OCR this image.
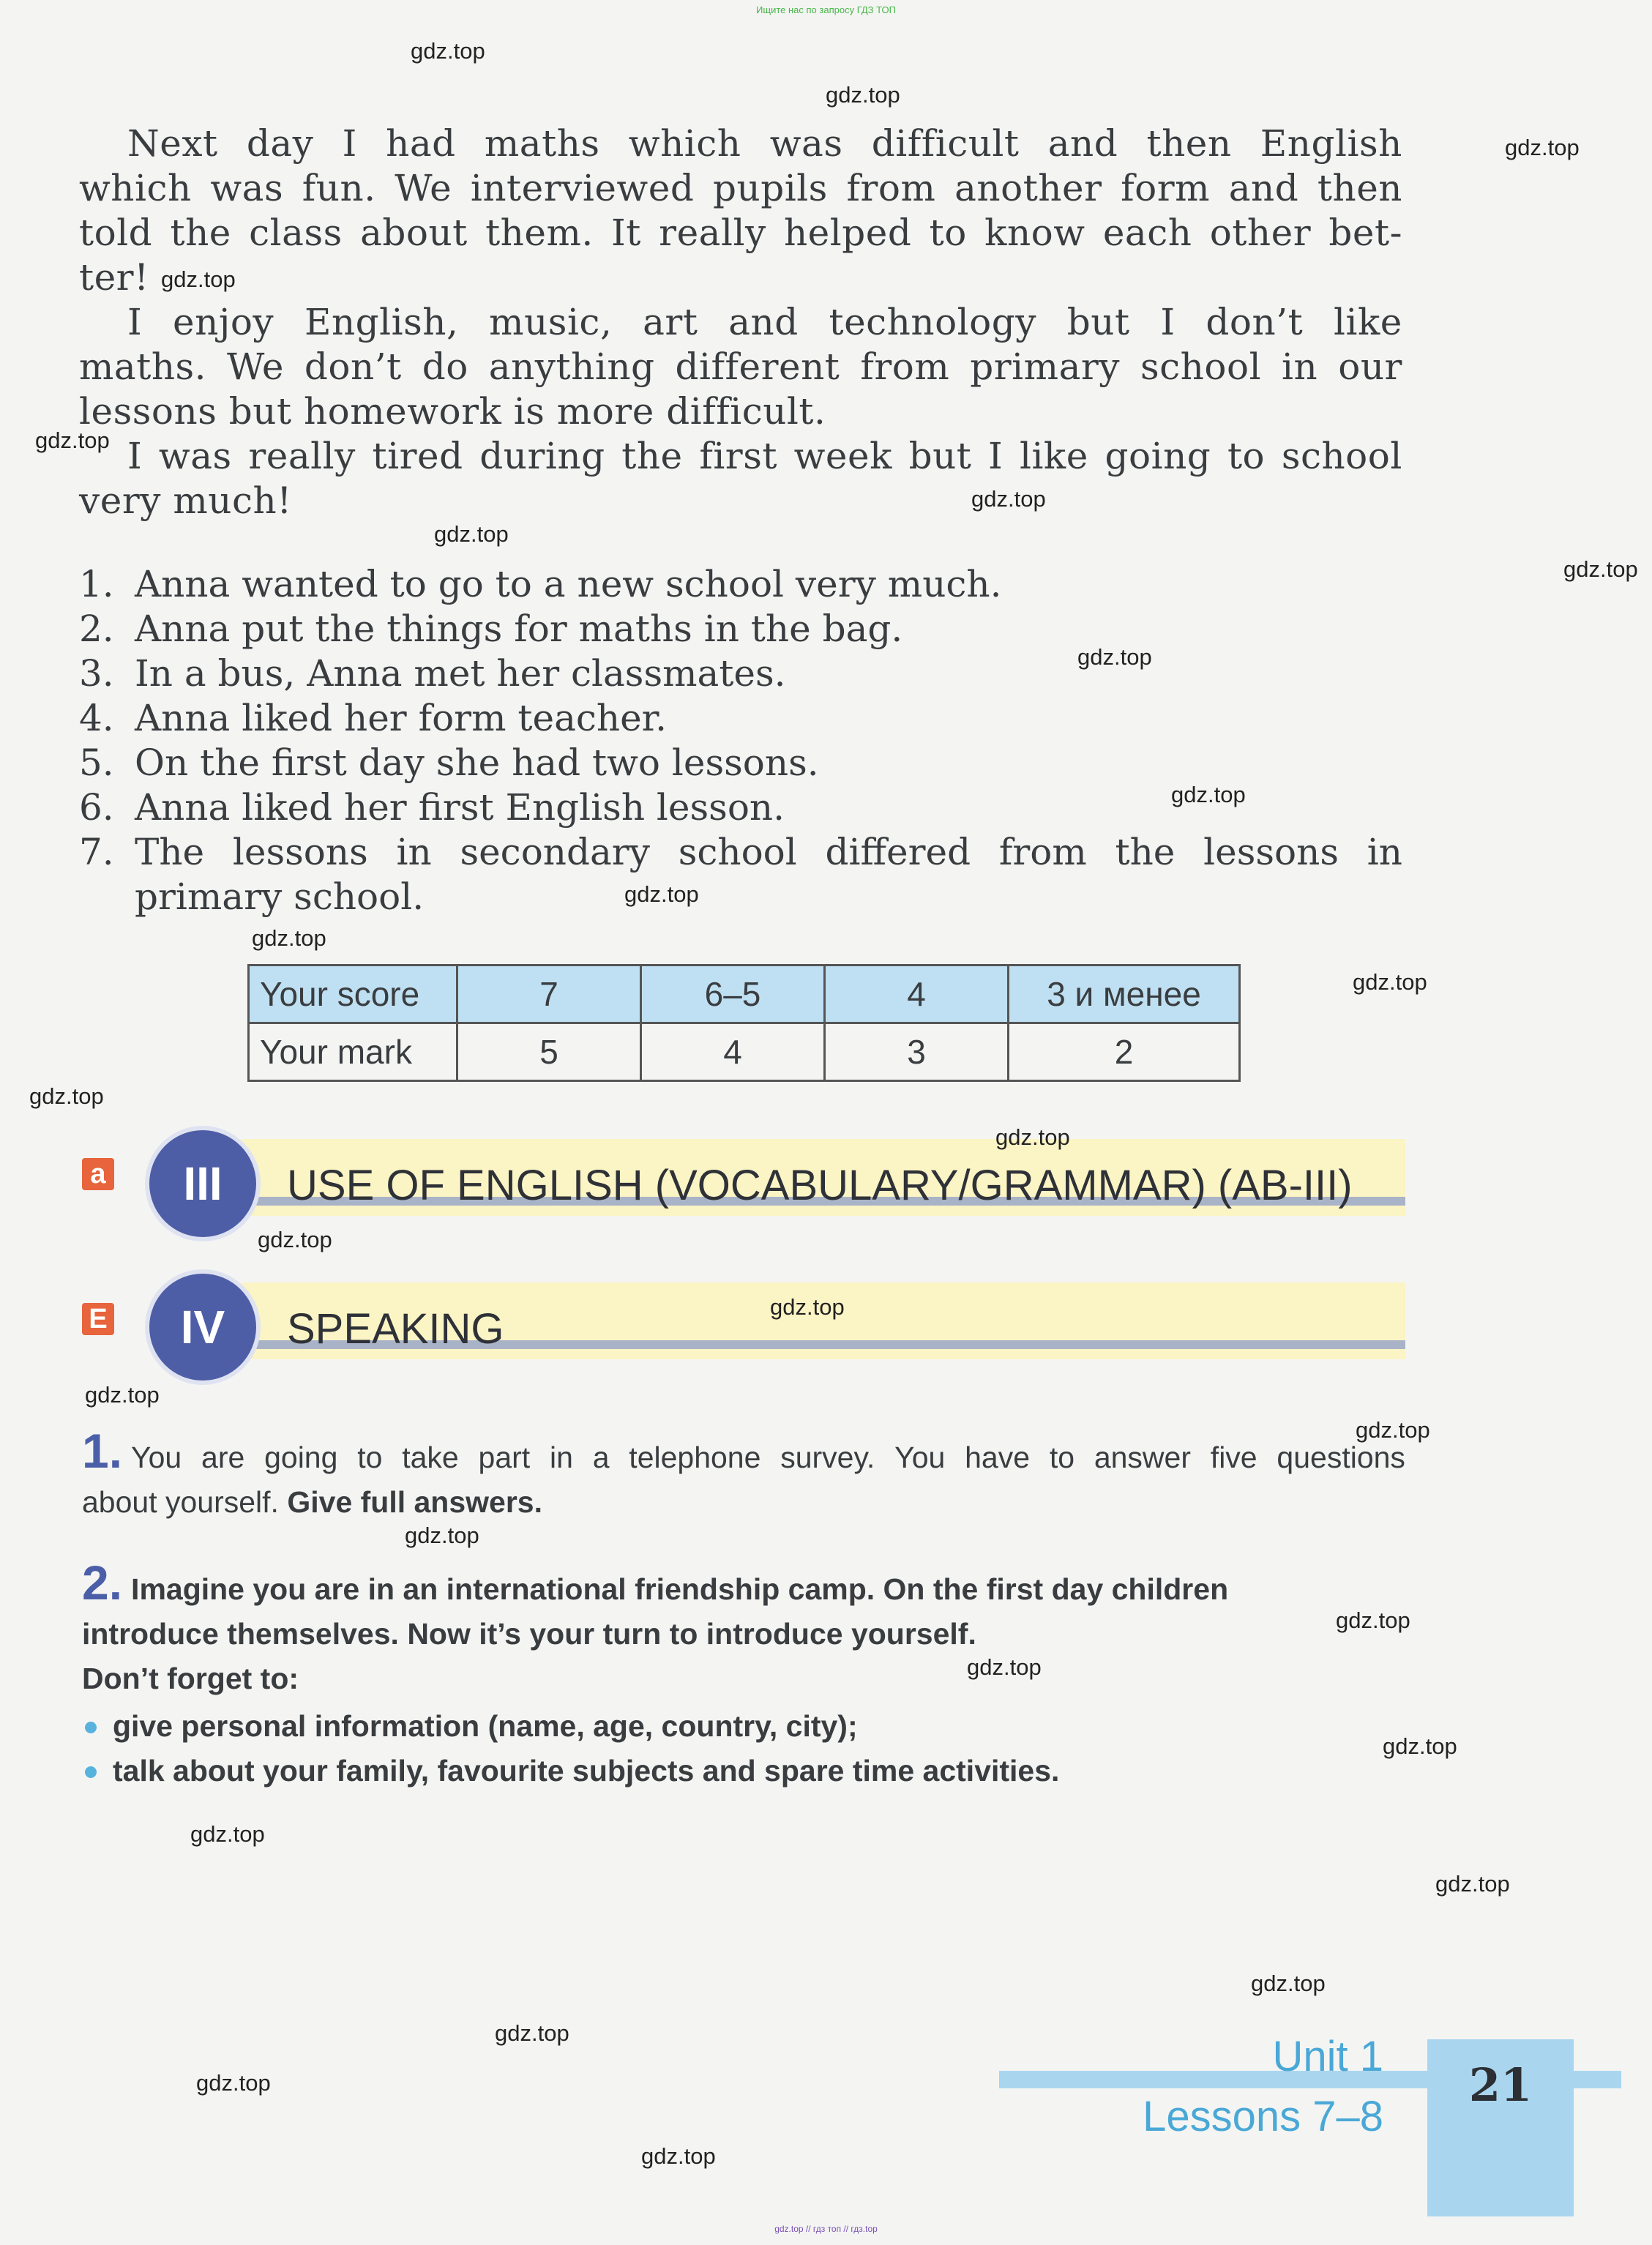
Ищите нас по запросу ГДЗ ТОП
gdz.top // гдз топ // гдз.top
Next day I had maths which was difficult and then English
which was fun. We interviewed pupils from another form and then
told the class about them. It really helped to know each other bet-
ter!
I enjoy English, music, art and technology but I don’t like
maths. We don’t do anything different from primary school in our
lessons but homework is more difficult.
I was really tired during the first week but I like going to school
very much!
1. Anna wanted to go to a new school very much.
2. Anna put the things for maths in the bag.
3. In a bus, Anna met her classmates.
4. Anna liked her form teacher.
5. On the first day she had two lessons.
6. Anna liked her first English lesson.
7. The lessons in secondary school differed from the lessons in
primary school.
Your score	7	6–5	4	3 и менее
Your mark	5	4	3	2
a	III	USE OF ENGLISH (VOCABULARY/GRAMMAR) (AB-III)
E	IV	SPEAKING
1. You are going to take part in a telephone survey. You have to answer five questions
about yourself. Give full answers.
2. Imagine you are in an international friendship camp. On the first day children
introduce themselves. Now it’s your turn to introduce yourself.
Don’t forget to:
give personal information (name, age, country, city);
talk about your family, favourite subjects and spare time activities.
Unit 1
Lessons 7–8
21
gdz.top
gdz.top
gdz.top
gdz.top
gdz.top
gdz.top
gdz.top
gdz.top
gdz.top
gdz.top
gdz.top
gdz.top
gdz.top
gdz.top
gdz.top
gdz.top
gdz.top
gdz.top
gdz.top
gdz.top
gdz.top
gdz.top
gdz.top
gdz.top
gdz.top
gdz.top
gdz.top
gdz.top
gdz.top
